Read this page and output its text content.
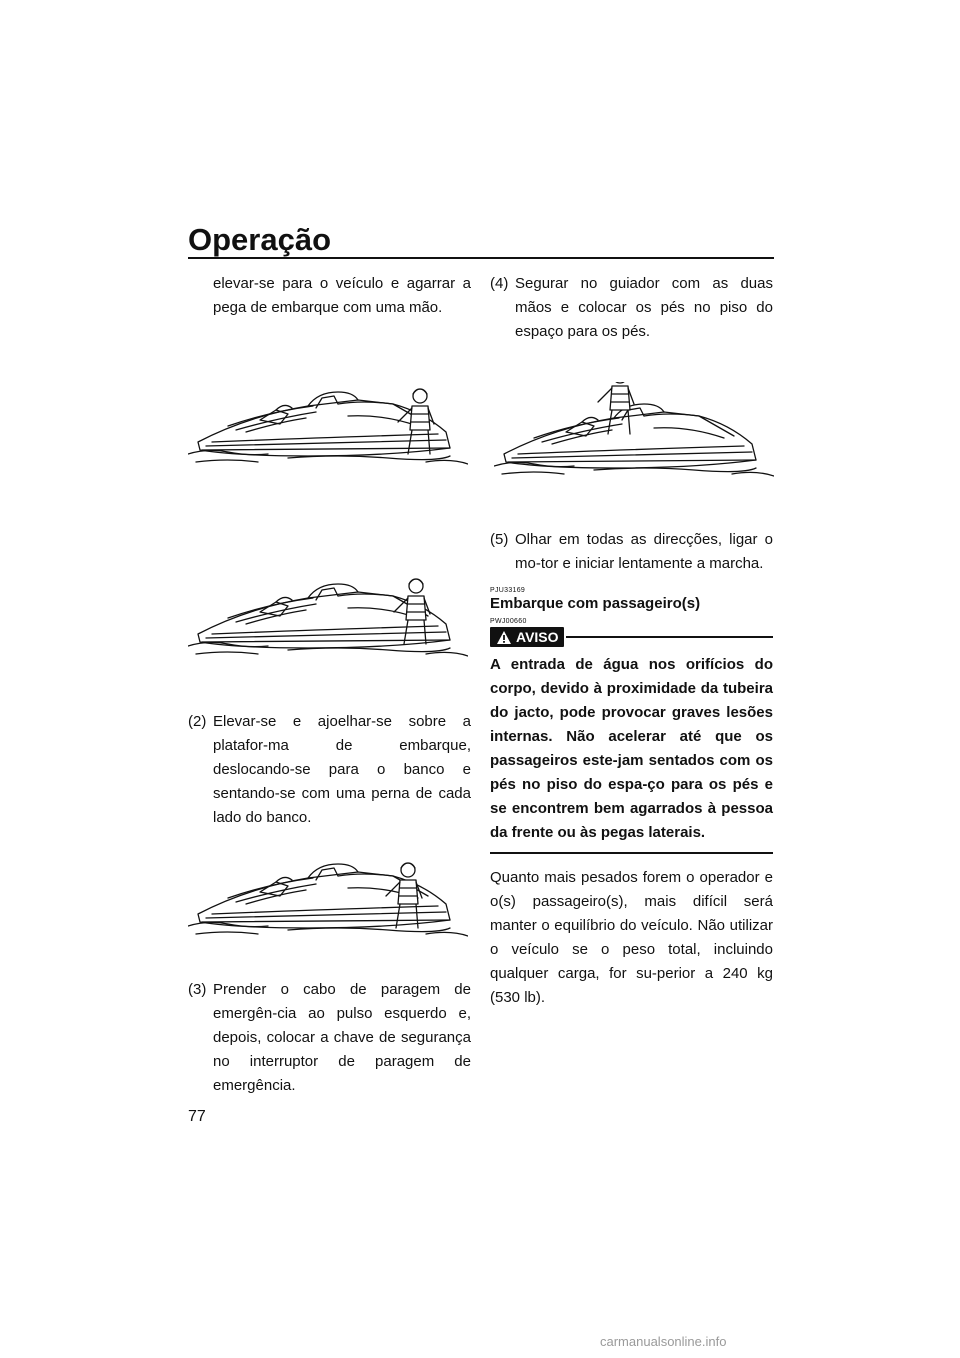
Operação

elevar-se para o veículo e agarrar a pega de embarque com uma mão.

(2) Elevar-se e ajoelhar-se sobre a platafor-ma de embarque, deslocando-se para o banco e sentando-se com uma perna de cada lado do banco.
(3) Prender o cabo de paragem de emergên-cia ao pulso esquerdo e, depois, colocar a chave de segurança no interruptor de paragem de emergência.
(4) Segurar no guiador com as duas mãos e colocar os pés no piso do espaço para os pés.
(5) Olhar em todas as direcções, ligar o mo-tor e iniciar lentamente a marcha.
PJU33169
Embarque com passageiro(s)
PWJ00660
AVISO

A entrada de água nos orifícios do corpo, devido à proximidade da tubeira do jacto, pode provocar graves lesões internas. Não acelerar até que os passageiros este-jam sentados com os pés no piso do espa-ço para os pés e se encontrem bem agarrados à pessoa da frente ou às pegas laterais.

Quanto mais pesados forem o operador e o(s) passageiro(s), mais difícil será manter o equilíbrio do veículo. Não utilizar o veículo se o peso total, incluindo qualquer carga, for su-perior a 240 kg (530 lb).

77
carmanualsonline.info
